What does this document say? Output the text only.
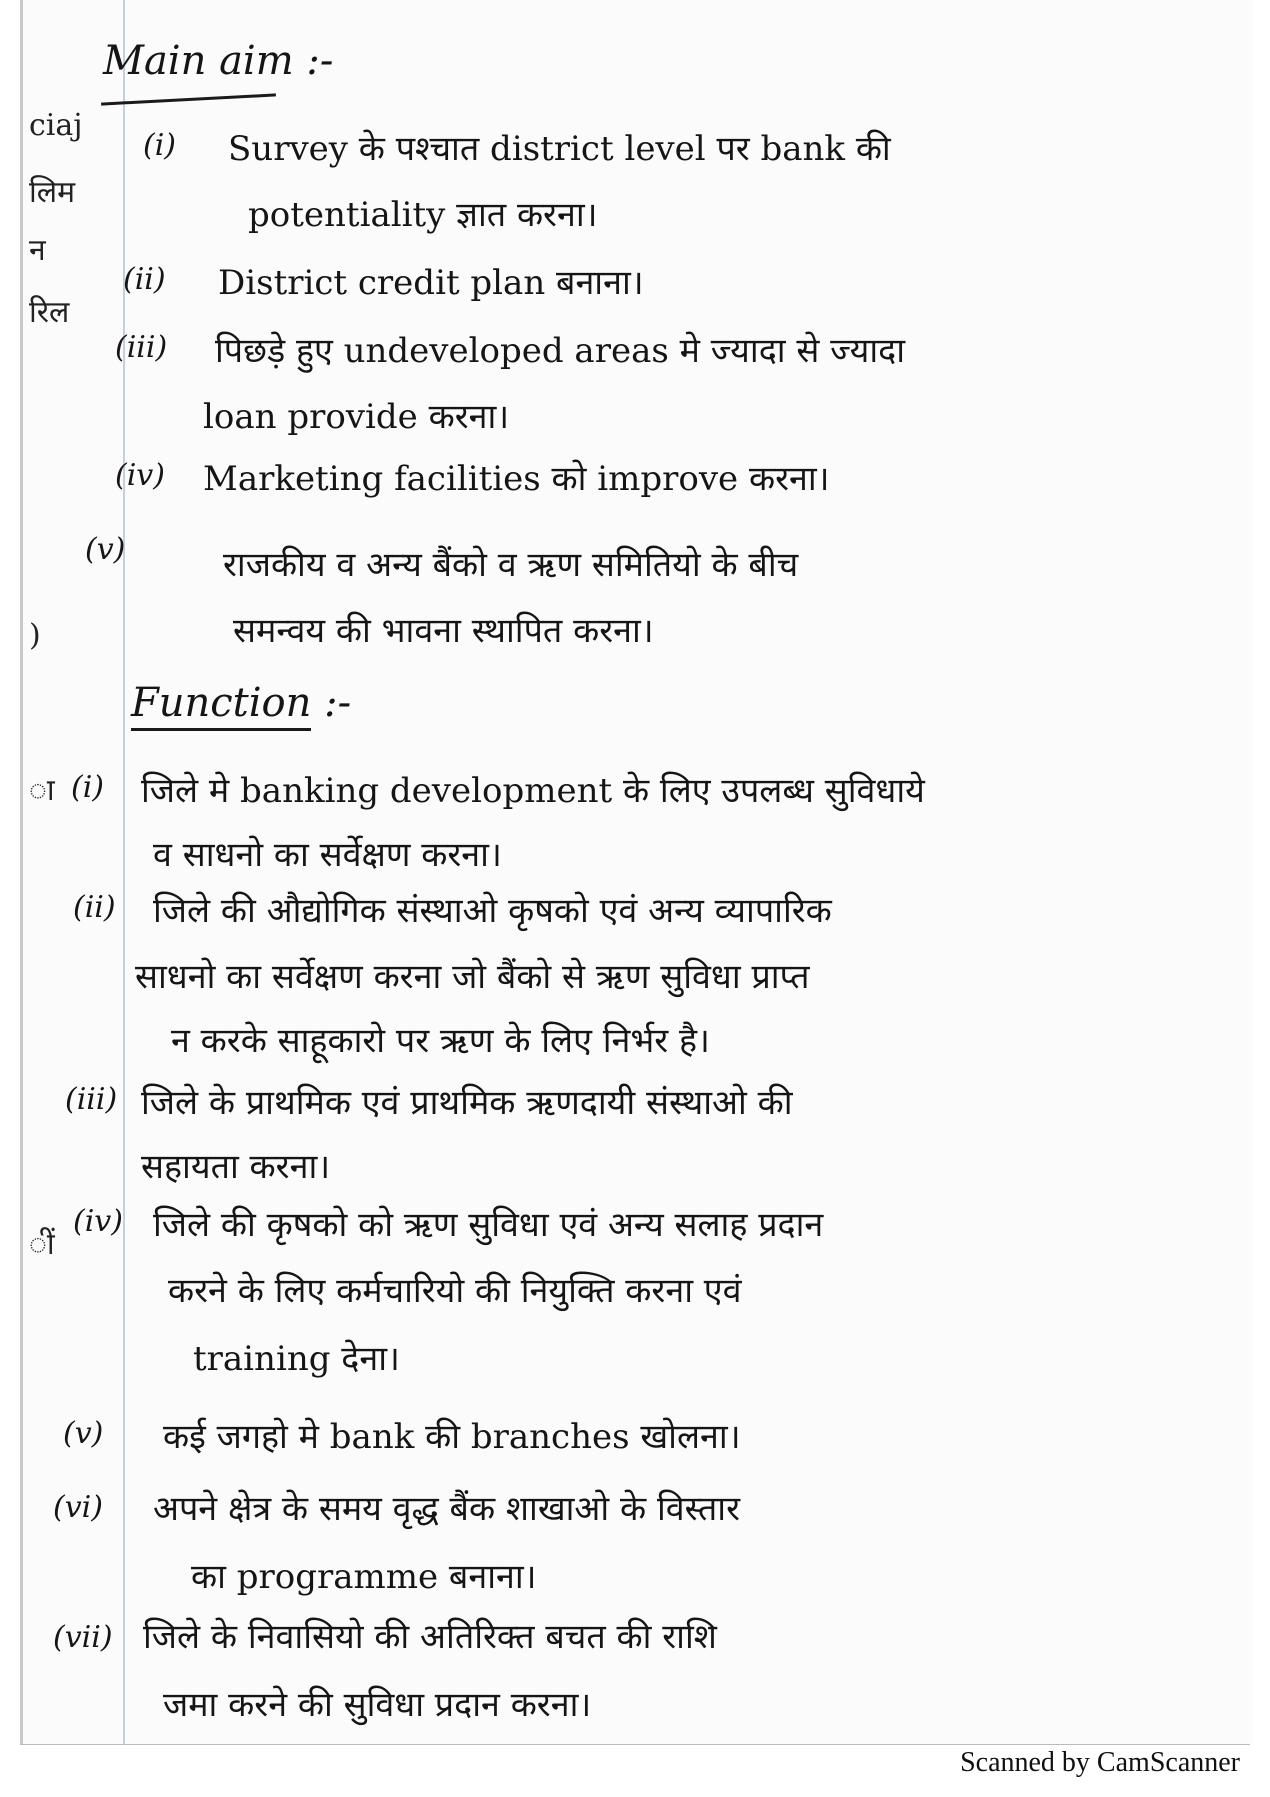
ciaj
लिम
न
रिल
)
ा
ीं
Main aim :-
(i) Survey के पश्चात district level पर bank की
potentiality ज्ञात करना।
(ii) District credit plan बनाना।
(iii) पिछड़े हुए undeveloped areas मे ज्यादा से ज्यादा
loan provide करना।
(iv) Marketing facilities को improve करना।
(v)	राजकीय व अन्य बैंको व ऋण समितियो के बीच
समन्वय की भावना स्थापित करना।
Function :-
(i) जिले मे banking development के लिए उपलब्ध सुविधाये
व साधनो का सर्वेक्षण करना।
(ii) जिले की औद्योगिक संस्थाओ कृषको एवं अन्य व्यापारिक
साधनो का सर्वेक्षण करना जो बैंको से ऋण सुविधा प्राप्त
न करके साहूकारो पर ऋण के लिए निर्भर है।
(iii) जिले के प्राथमिक एवं प्राथमिक ऋणदायी संस्थाओ की
सहायता करना।
(iv) जिले की कृषको को ऋण सुविधा एवं अन्य सलाह प्रदान
करने के लिए कर्मचारियो की नियुक्ति करना एवं
training देना।
(v) कई जगहो मे bank की branches खोलना।
(vi) अपने क्षेत्र के समय वृद्ध बैंक शाखाओ के विस्तार
का programme बनाना।
(vii) जिले के निवासियो की अतिरिक्त बचत की राशि
जमा करने की सुविधा प्रदान करना।
Scanned by CamScanner
